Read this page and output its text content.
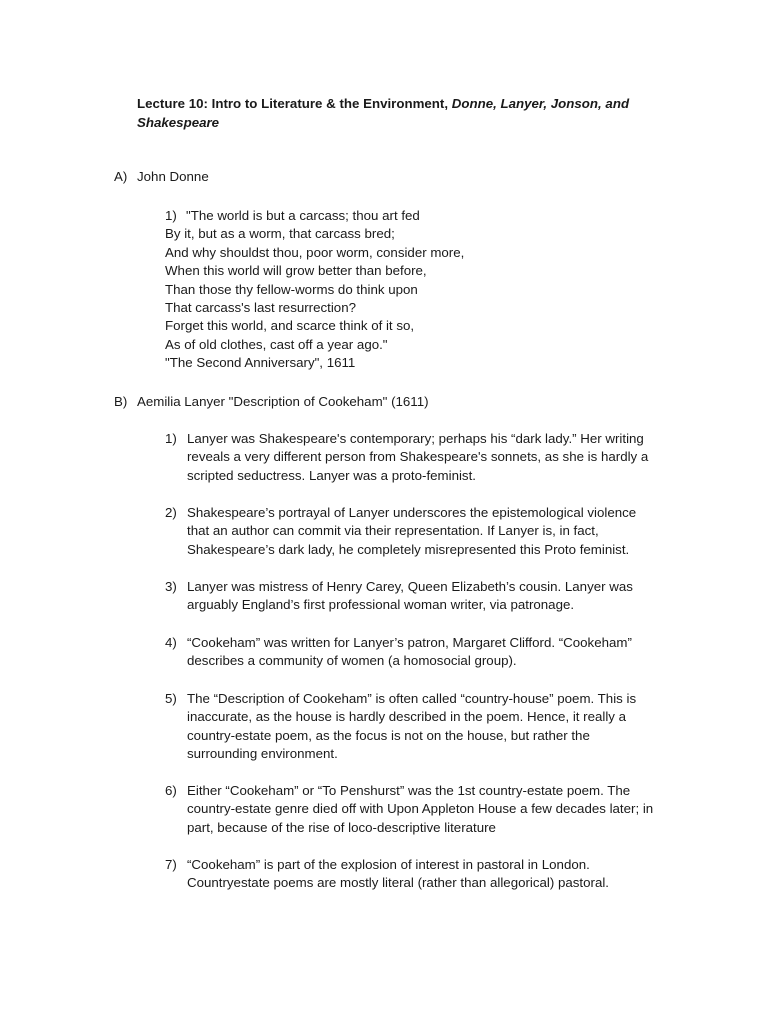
Lecture 10: Intro to Literature & the Environment, Donne, Lanyer, Jonson, and
Shakespeare
A) John Donne
1) "The world is but a carcass; thou art fed
By it, but as a worm, that carcass bred;
And why shouldst thou, poor worm, consider more,
When this world will grow better than before,
Than those thy fellow-worms do think upon
That carcass's last resurrection?
Forget this world, and scarce think of it so,
As of old clothes, cast off a year ago."
"The Second Anniversary", 1611
B) Aemilia Lanyer "Description of Cookeham" (1611)
1) Lanyer was Shakespeare's contemporary; perhaps his “dark lady.” Her writing
reveals a very different person from Shakespeare's sonnets, as she is hardly a
scripted seductress. Lanyer was a proto-feminist.
2) Shakespeare’s portrayal of Lanyer underscores the epistemological violence
that an author can commit via their representation. If Lanyer is, in fact,
Shakespeare’s dark lady, he completely misrepresented this Proto feminist.
3) Lanyer was mistress of Henry Carey, Queen Elizabeth’s cousin. Lanyer was
arguably England’s first professional woman writer, via patronage.
4) “Cookeham” was written for Lanyer’s patron, Margaret Clifford. “Cookeham”
describes a community of women (a homosocial group).
5) The “Description of Cookeham” is often called “country-house” poem. This is
inaccurate, as the house is hardly described in the poem. Hence, it really a
country-estate poem, as the focus is not on the house, but rather the
surrounding environment.
6) Either “Cookeham” or “To Penshurst” was the 1st country-estate poem. The
country-estate genre died off with Upon Appleton House a few decades later; in
part, because of the rise of loco-descriptive literature
7) “Cookeham” is part of the explosion of interest in pastoral in London.
Countryestate poems are mostly literal (rather than allegorical) pastoral.
